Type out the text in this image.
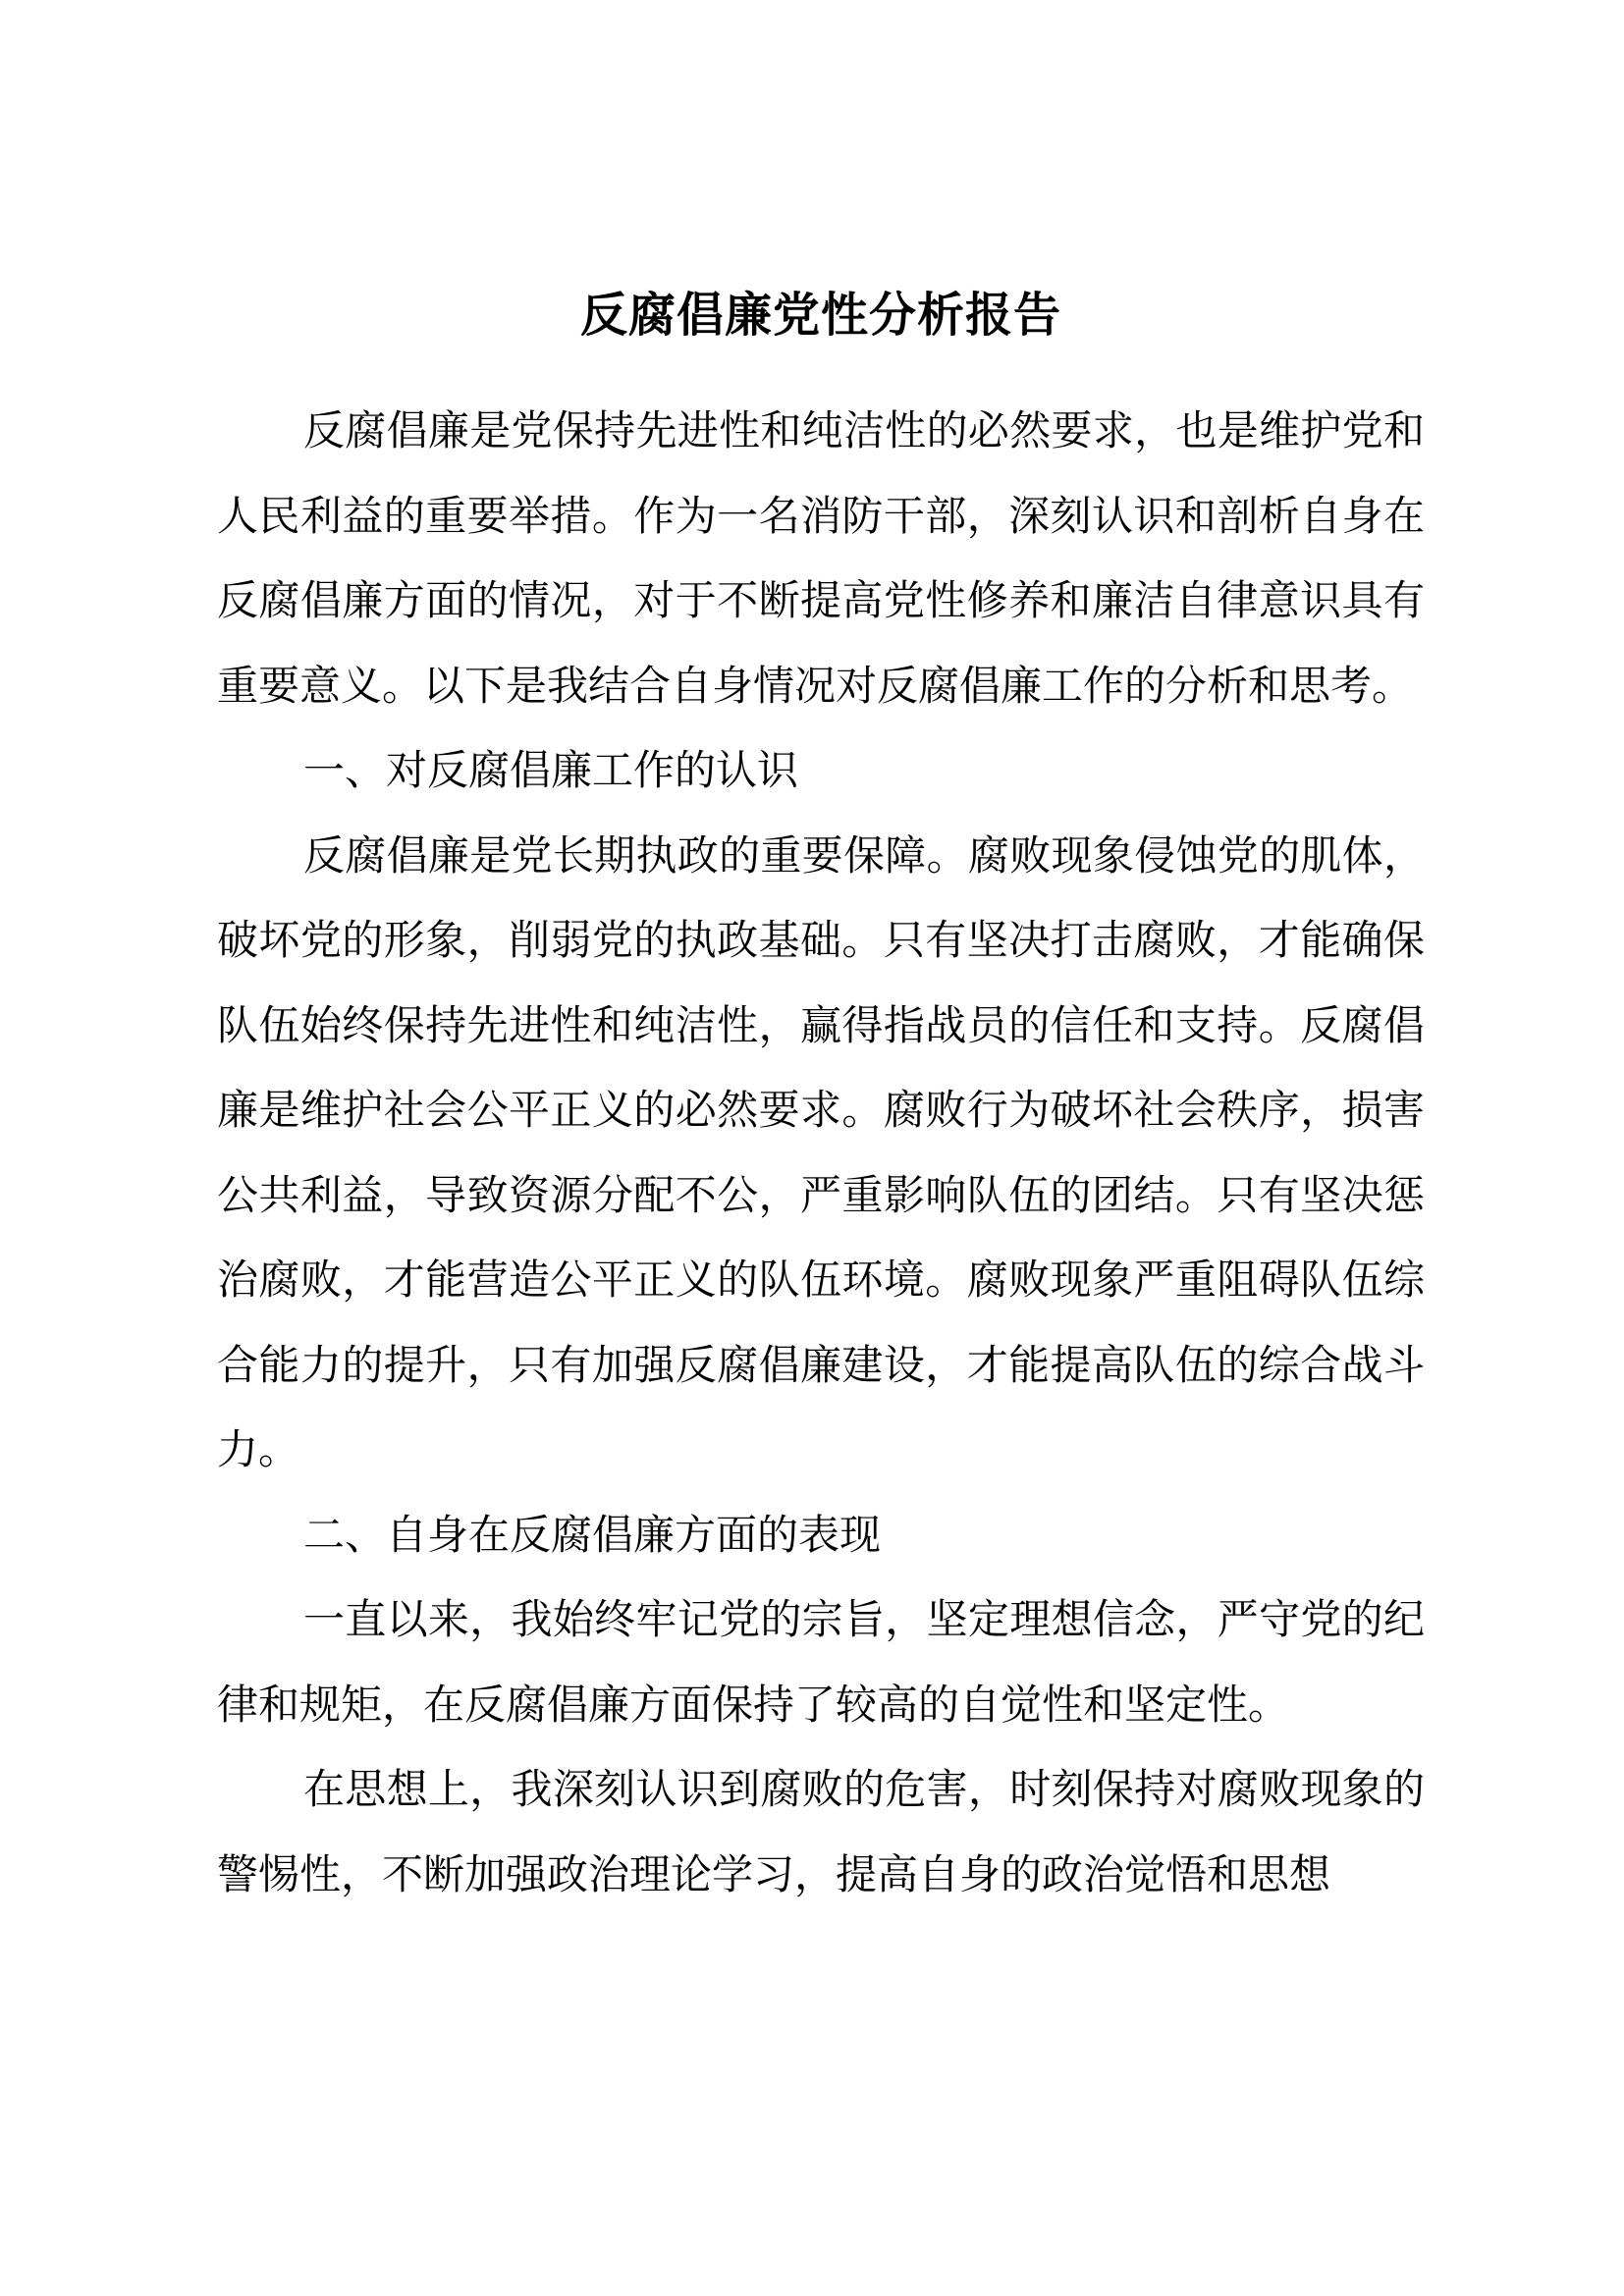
反腐倡廉党性分析报告

反腐倡廉是党保持先进性和纯洁性的必然要求，也是维护党和人民利益的重要举措。作为一名消防干部，深刻认识和剖析自身在反腐倡廉方面的情况，对于不断提高党性修养和廉洁自律意识具有重要意义。以下是我结合自身情况对反腐倡廉工作的分析和思考。

一、对反腐倡廉工作的认识

反腐倡廉是党长期执政的重要保障。腐败现象侵蚀党的肌体，破坏党的形象，削弱党的执政基础。只有坚决打击腐败，才能确保队伍始终保持先进性和纯洁性，赢得指战员的信任和支持。反腐倡廉是维护社会公平正义的必然要求。腐败行为破坏社会秩序，损害公共利益，导致资源分配不公，严重影响队伍的团结。只有坚决惩治腐败，才能营造公平正义的队伍环境。腐败现象严重阻碍队伍综合能力的提升，只有加强反腐倡廉建设，才能提高队伍的综合战斗力。

二、自身在反腐倡廉方面的表现

一直以来，我始终牢记党的宗旨，坚定理想信念，严守党的纪律和规矩，在反腐倡廉方面保持了较高的自觉性和坚定性。

在思想上，我深刻认识到腐败的危害，时刻保持对腐败现象的警惕性，不断加强政治理论学习，提高自身的政治觉悟和思想
